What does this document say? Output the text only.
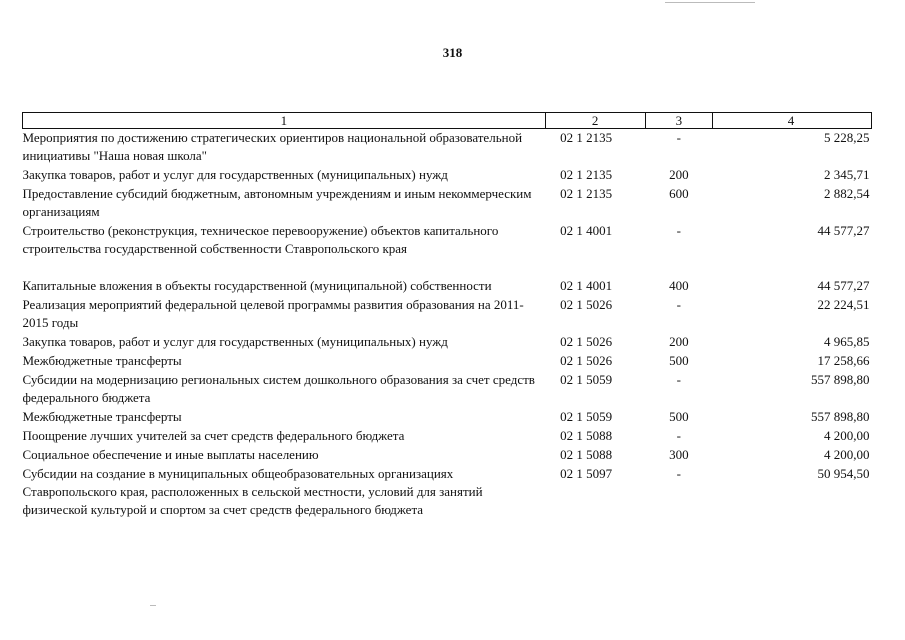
318
1	2	3	4
Мероприятия по достижению стратегических ориентиров национальной образовательной инициативы "Наша новая школа"	02 1 2135	-	5 228,25
Закупка товаров, работ и услуг для государственных (муниципальных) нужд	02 1 2135	200	2 345,71
Предоставление субсидий бюджетным, автономным учреждениям и иным некоммерческим организациям	02 1 2135	600	2 882,54
Строительство (реконструкция, техническое перевооружение) объектов капитального строительства государственной собственности Ставропольского края	02 1 4001	-	44 577,27
Капитальные вложения в объекты государственной (муниципальной) собственности	02 1 4001	400	44 577,27
Реализация мероприятий федеральной целевой программы развития образования на 2011-2015 годы	02 1 5026	-	22 224,51
Закупка товаров, работ и услуг для государственных (муниципальных) нужд	02 1 5026	200	4 965,85
Межбюджетные трансферты	02 1 5026	500	17 258,66
Субсидии на модернизацию региональных систем дошкольного образования за счет средств федерального бюджета	02 1 5059	-	557 898,80
Межбюджетные трансферты	02 1 5059	500	557 898,80
Поощрение лучших учителей за счет средств федерального бюджета	02 1 5088	-	4 200,00
Социальное обеспечение и иные выплаты населению	02 1 5088	300	4 200,00
Субсидии на создание в муниципальных общеобразовательных организациях Ставропольского края, расположенных в сельской местности, условий для занятий физической культурой и спортом за счет средств федерального бюджета	02 1 5097	-	50 954,50
